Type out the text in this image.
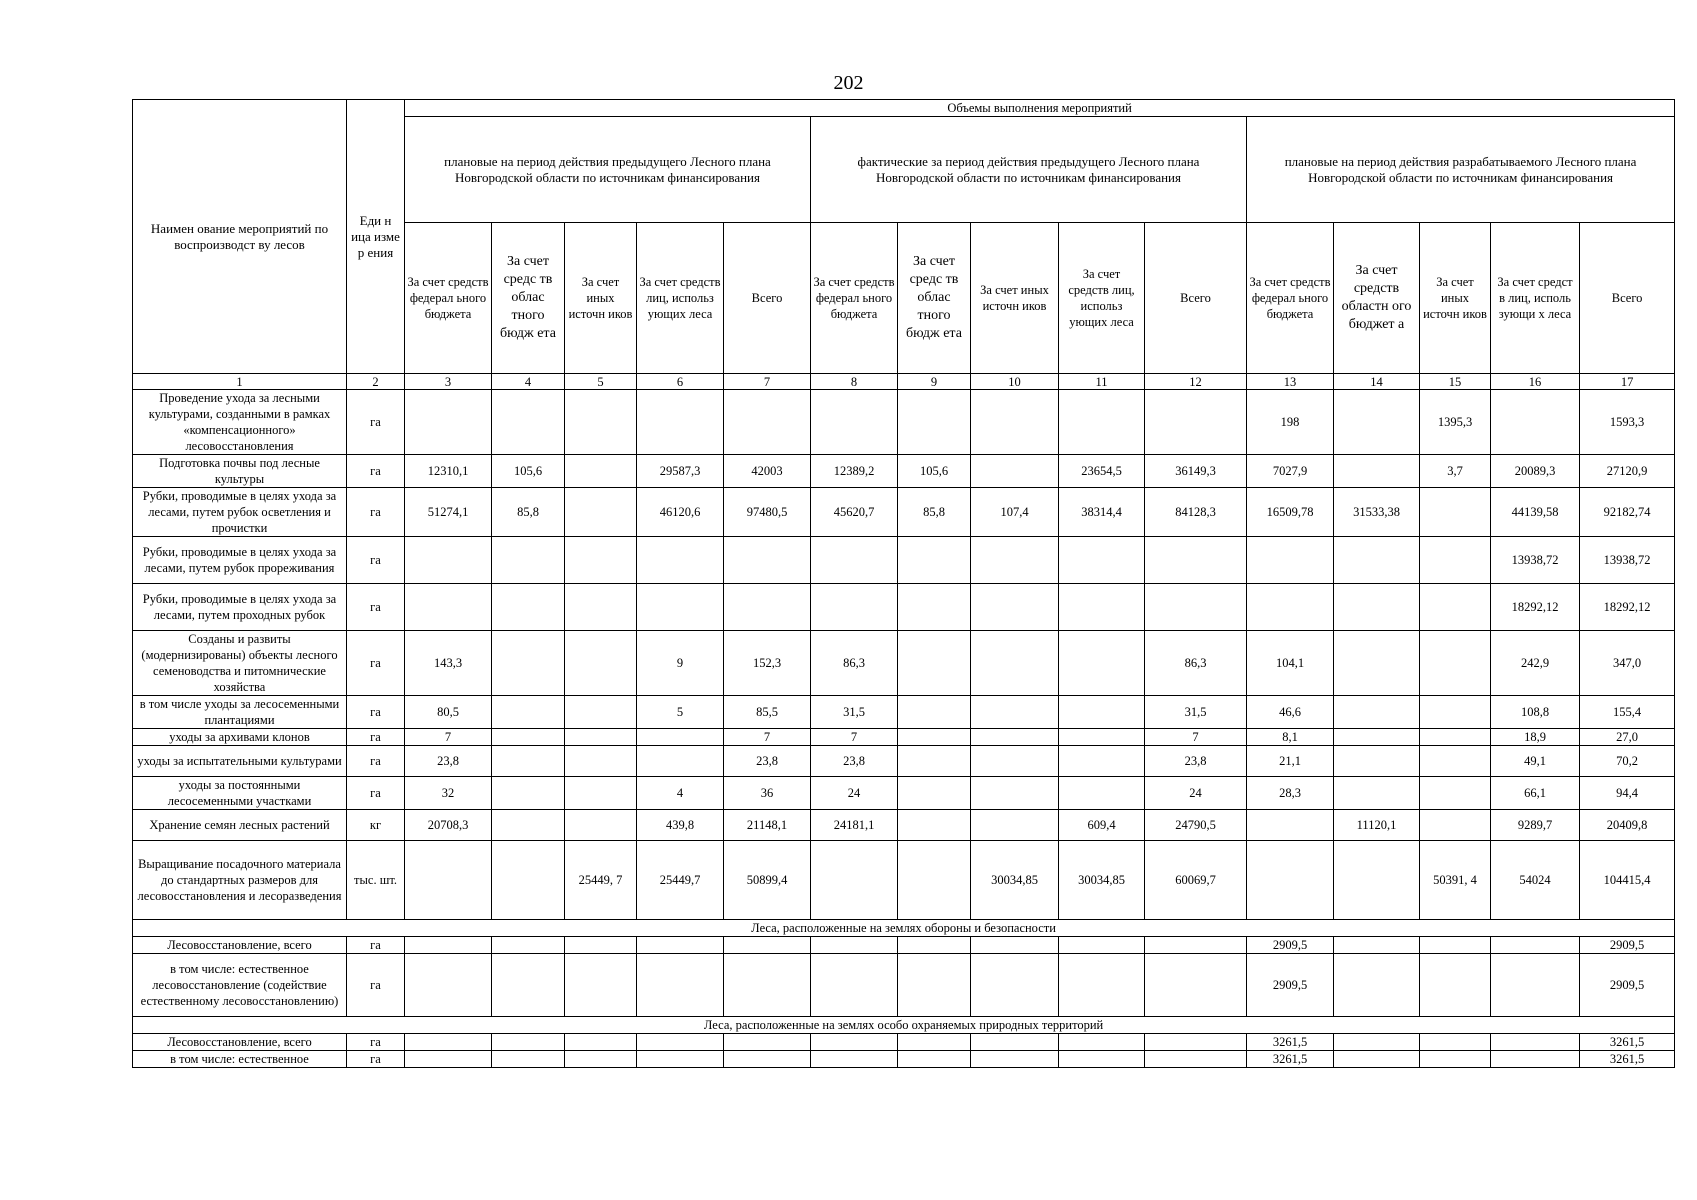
202
Наимен ование мероприятий по воспроизводст ву лесов	Еди н ица изме р ения	Объемы выполнения мероприятий														
		плановые на период действия предыдущего Лесного плана Новгородской области по источникам финансирования					фактические за период действия предыдущего Лесного плана Новгородской области по источникам финансирования					плановые на период действия разрабатываемого Лесного плана Новгородской области по источникам финансирования				
		За счет средств федерал ьного бюджета	За счет средс тв облас тного бюдж ета	За счет иных источн иков	За счет средств лиц, использ ующих леса	Всего	За счет средств федерал ьного бюджета	За счет средс тв облас тного бюдж ета	За счет иных источн иков	За счет средств лиц, использ ующих леса	Всего	За счет средств федерал ьного бюджета	За счет средств областн ого бюджет а	За счет иных источн иков	За счет средст в лиц, исполь зующи х леса	Всего
1	2	3	4	5	6	7	8	9	10	11	12	13	14	15	16	17
Проведение ухода за лесными культурами, созданными в рамках «компенсационного» лесовосстановления	га											198		1395,3		1593,3
Подготовка почвы под лесные культуры	га	12310,1	105,6		29587,3	42003	12389,2	105,6		23654,5	36149,3	7027,9		3,7	20089,3	27120,9
Рубки, проводимые в целях ухода за лесами, путем рубок осветления и прочистки	га	51274,1	85,8		46120,6	97480,5	45620,7	85,8	107,4	38314,4	84128,3	16509,78	31533,38		44139,58	92182,74
Рубки, проводимые в целях ухода за лесами, путем рубок прореживания	га														13938,72	13938,72
Рубки, проводимые в целях ухода за лесами, путем проходных рубок	га														18292,12	18292,12
Созданы и развиты (модернизированы) объекты лесного семеноводства и питомнические хозяйства	га	143,3			9	152,3	86,3				86,3	104,1			242,9	347,0
в том числе уходы за лесосеменными плантациями	га	80,5			5	85,5	31,5				31,5	46,6			108,8	155,4
уходы за архивами клонов	га	7				7	7				7	8,1			18,9	27,0
уходы за испытательными культурами	га	23,8				23,8	23,8				23,8	21,1			49,1	70,2
уходы за постоянными лесосеменными участками	га	32			4	36	24				24	28,3			66,1	94,4
Хранение семян лесных растений	кг	20708,3			439,8	21148,1	24181,1			609,4	24790,5		11120,1		9289,7	20409,8
Выращивание посадочного материала до стандартных размеров для лесовосстановления и лесоразведения	тыс. шт.			25449, 7	25449,7	50899,4			30034,85	30034,85	60069,7			50391, 4	54024	104415,4
Леса, расположенные на землях обороны и безопасности																
Лесовосстановление, всего	га											2909,5				2909,5
в том числе: естественное лесовосстановление (содействие естественному лесовосстановлению)	га											2909,5				2909,5
Леса, расположенные на землях особо охраняемых природных территорий																
Лесовосстановление, всего	га											3261,5				3261,5
в том числе: естественное	га											3261,5				3261,5
